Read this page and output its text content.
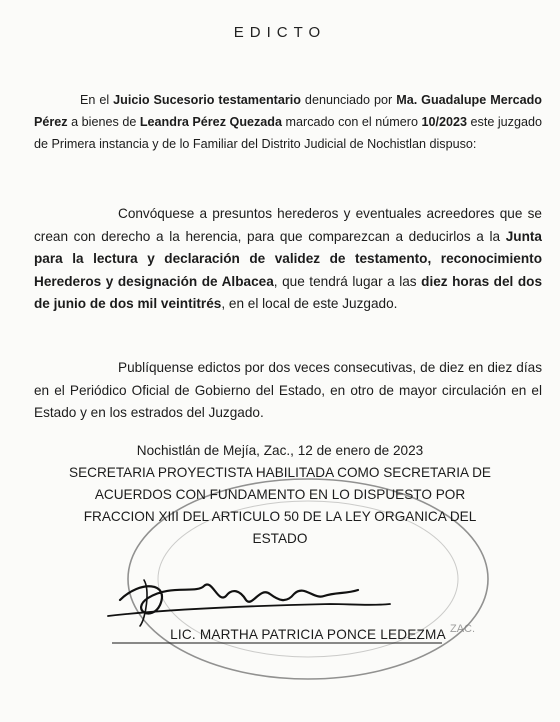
EDICTO

En el Juicio Sucesorio testamentario denunciado por Ma. Guadalupe Mercado Pérez a bienes de Leandra Pérez Quezada marcado con el número 10/2023 este juzgado de Primera instancia y de lo Familiar del Distrito Judicial de Nochistlan dispuso:

Convóquese a presuntos herederos y eventuales acreedores que se crean con derecho a la herencia, para que comparezcan a deducirlos a la Junta para la lectura y declaración de validez de testamento, reconocimiento Herederos y designación de Albacea, que tendrá lugar a las diez horas del dos de junio de dos mil veintitrés, en el local de este Juzgado.

Publíquense edictos por dos veces consecutivas, de diez en diez días en el Periódico Oficial de Gobierno del Estado, en otro de mayor circulación en el Estado y en los estrados del Juzgado.

ZAC.
Nochistlán de Mejía, Zac., 12 de enero de 2023
SECRETARIA PROYECTISTA HABILITADA COMO SECRETARIA DE
ACUERDOS CON FUNDAMENTO EN LO DISPUESTO POR
FRACCION XIII DEL ARTICULO 50 DE LA LEY ORGANICA DEL
ESTADO
LIC. MARTHA PATRICIA PONCE LEDEZMA
